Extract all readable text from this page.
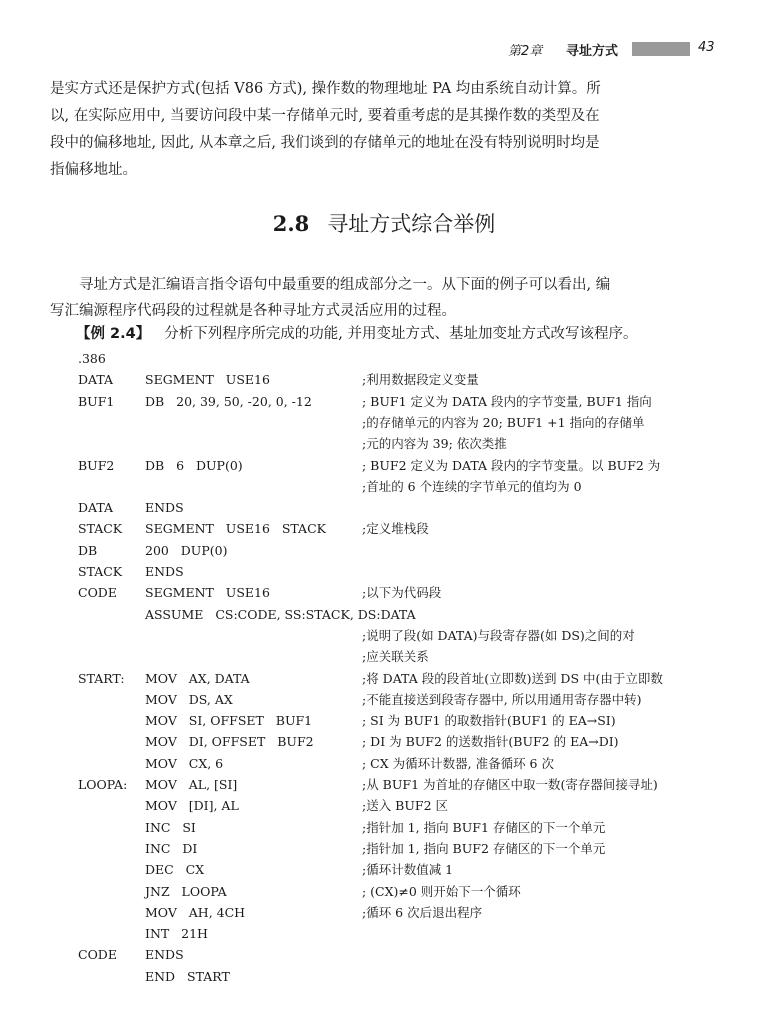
第2章 寻址方式	43

是实方式还是保护方式(包括 V86 方式), 操作数的物理地址 PA 均由系统自动计算。所

以, 在实际应用中, 当要访问段中某一存储单元时, 要着重考虑的是其操作数的类型及在

段中的偏移地址, 因此, 从本章之后, 我们谈到的存储单元的地址在没有特别说明时均是

指偏移地址。

2.8 寻址方式综合举例

寻址方式是汇编语言指令语句中最重要的组成部分之一。从下面的例子可以看出, 编

写汇编源程序代码段的过程就是各种寻址方式灵活应用的过程。

【例 2.4】 分析下列程序所完成的功能, 并用变址方式、基址加变址方式改写该程序。
.386
DATA	SEGMENT   USE16	;利用数据段定义变量
BUF1 DB   20, 39, 50, -20, 0, -12	; BUF1 定义为 DATA 段内的字节变量, BUF1 指向
;的存储单元的内容为 20; BUF1 +1 指向的存储单
;元的内容为 39; 依次类推
BUF2 DB   6   DUP(0)	; BUF2 定义为 DATA 段内的字节变量。以 BUF2 为
;首址的 6 个连续的字节单元的值均为 0
DATA	ENDS
STACK SEGMENT   USE16   STACK	;定义堆栈段
DB	200   DUP(0)
STACK ENDS
CODE SEGMENT   USE16	;以下为代码段
ASSUME   CS:CODE, SS:STACK, DS:DATA
;说明了段(如 DATA)与段寄存器(如 DS)之间的对
;应关联关系
START: MOV   AX, DATA	;将 DATA 段的段首址(立即数)送到 DS 中(由于立即数
MOV   DS, AX	;不能直接送到段寄存器中, 所以用通用寄存器中转)
MOV   SI, OFFSET   BUF1	; SI 为 BUF1 的取数指针(BUF1 的 EA→SI)
MOV   DI, OFFSET   BUF2	; DI 为 BUF2 的送数指针(BUF2 的 EA→DI)
MOV   CX, 6	; CX 为循环计数器, 准备循环 6 次
LOOPA: MOV   AL, [SI]	;从 BUF1 为首址的存储区中取一数(寄存器间接寻址)
MOV   [DI], AL	;送入 BUF2 区
INC   SI	;指针加 1, 指向 BUF1 存储区的下一个单元
INC   DI	;指针加 1, 指向 BUF2 存储区的下一个单元
DEC   CX	;循环计数值减 1
JNZ   LOOPA	; (CX)≠0 则开始下一个循环
MOV   AH, 4CH	;循环 6 次后退出程序
INT   21H
CODE ENDS
END   START
